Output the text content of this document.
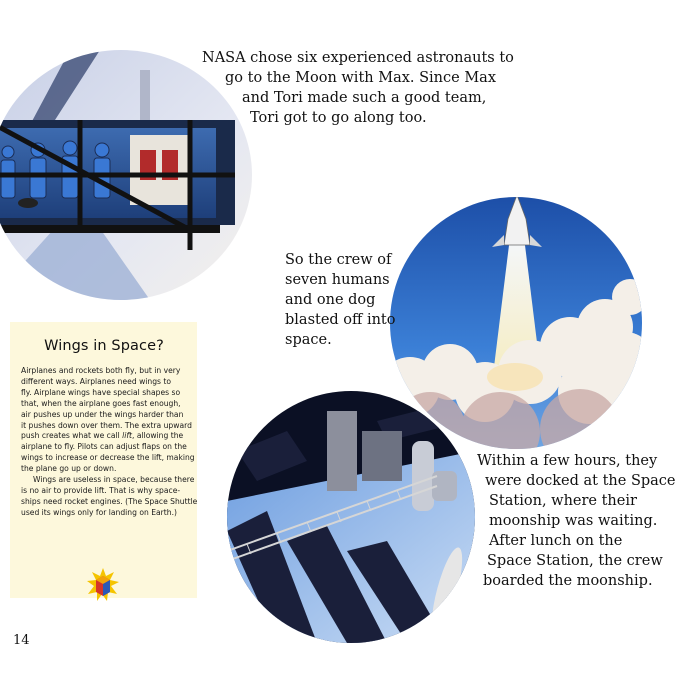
NASA chose six experienced astronauts to
go to the Moon with Max. Since Max
and Tori made such a good team,
Tori got to go along too.
So the crew of
seven humans
and one dog
blasted off into
space.
Within a few hours, they
were docked at the Space
Station, where their
moonship was waiting.
After lunch on the
Space Station, the crew
boarded the moonship.
Wings in Space?
Airplanes and rockets both fly, but in very
different ways. Airplanes need wings to
fly. Airplane wings have special shapes so
that, when the airplane goes fast enough,
air pushes up under the wings harder than
it pushes down over them. The extra upward
push creates what we call lift, allowing the
airplane to fly. Pilots can adjust flaps on the
wings to increase or decrease the lift, making
the plane go up or down.
Wings are useless in space, because there
is no air to provide lift. That is why space-
ships need rocket engines. (The Space Shuttle
used its wings only for landing on Earth.)
14
